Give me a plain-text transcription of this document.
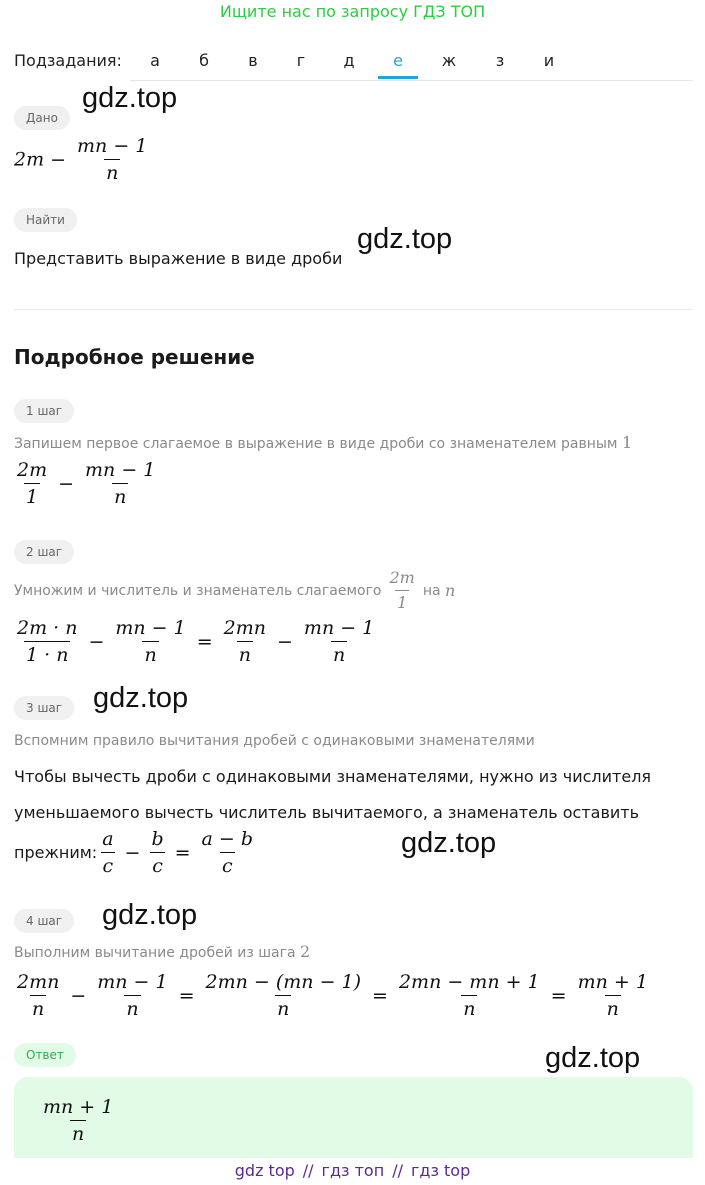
Ищите нас по запросу ГДЗ ТОП
Подзадания:	а	б	в	г	д	е	ж	з	и
gdz.top
gdz.top
gdz.top
gdz.top
gdz.top
gdz.top
Дано
$2m - \frac{mn - 1}{n}$
Найти
Представить выражение в виде дроби
Подробное решение
1 шаг
Запишем первое слагаемое в выражение в виде дроби со знаменателем равным 1
$\frac{2m}{1} - \frac{mn - 1}{n}$
2 шаг
Умножим и числитель и знаменатель слагаемого $\frac{2m}{1}$ на n
$\frac{2m \cdot n}{1 \cdot n} - \frac{mn - 1}{n} = \frac{2mn}{n} - \frac{mn - 1}{n}$
3 шаг
Вспомним правило вычитания дробей с одинаковыми знаменателями
Чтобы вычесть дроби с одинаковыми знаменателями, нужно из числителя
уменьшаемого вычесть числитель вычитаемого, а знаменатель оставить
прежним: $\frac{a}{c} - \frac{b}{c} = \frac{a - b}{c}$
4 шаг
Выполним вычитание дробей из шага 2
$\frac{2mn}{n} - \frac{mn - 1}{n} = \frac{2mn - (mn - 1)}{n} = \frac{2mn - mn + 1}{n} = \frac{mn + 1}{n}$
Ответ
$\frac{mn + 1}{n}$
gdz top // гдз топ // гдз top
